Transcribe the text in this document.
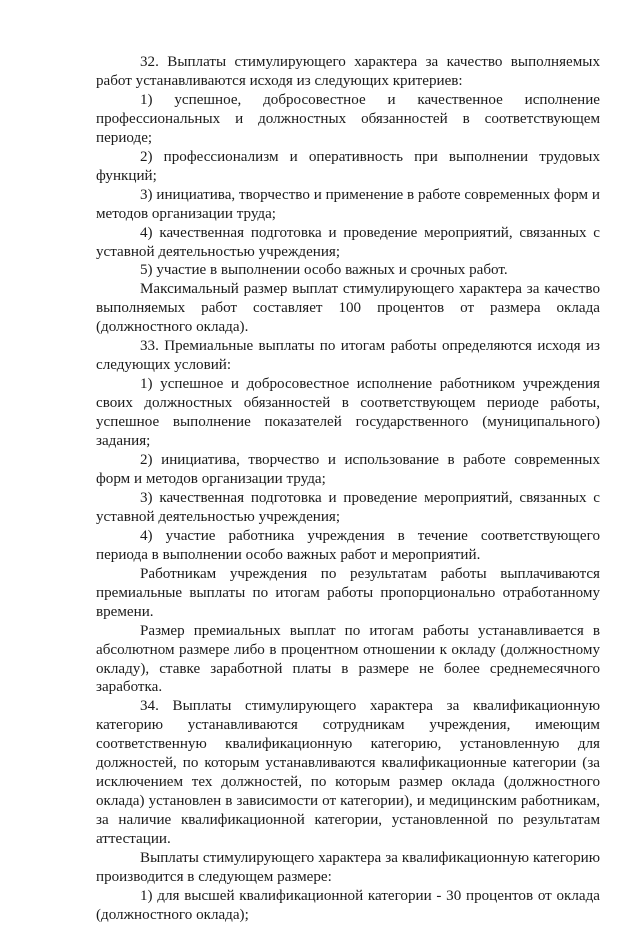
32. Выплаты стимулирующего характера за качество выполняемых работ устанавливаются исходя из следующих критериев:

1) успешное, добросовестное и качественное исполнение профессиональных и должностных обязанностей в соответствующем периоде;

2) профессионализм и оперативность при выполнении трудовых функций;

3) инициатива, творчество и применение в работе современных форм и методов организации труда;

4) качественная подготовка и проведение мероприятий, связанных с уставной деятельностью учреждения;

5) участие в выполнении особо важных и срочных работ.

Максимальный размер выплат стимулирующего характера за качество выполняемых работ составляет 100 процентов от размера оклада (должностного оклада).

33. Премиальные выплаты по итогам работы определяются исходя из следующих условий:

1) успешное и добросовестное исполнение работником учреждения своих должностных обязанностей в соответствующем периоде работы, успешное выполнение показателей государственного (муниципального) задания;

2) инициатива, творчество и использование в работе современных форм и методов организации труда;

3) качественная подготовка и проведение мероприятий, связанных с уставной деятельностью учреждения;

4) участие работника учреждения в течение соответствующего периода в выполнении особо важных работ и мероприятий.

Работникам учреждения по результатам работы выплачиваются премиальные выплаты по итогам работы пропорционально отработанному времени.

Размер премиальных выплат по итогам работы устанавливается в абсолютном размере либо в процентном отношении к окладу (должностному окладу), ставке заработной платы в размере не более среднемесячного заработка.

34. Выплаты стимулирующего характера за квалификационную категорию устанавливаются сотрудникам учреждения, имеющим соответственную квалификационную категорию, установленную для должностей, по которым устанавливаются квалификационные категории (за исключением тех должностей, по которым размер оклада (должностного оклада) установлен в зависимости от категории), и медицинским работникам, за наличие квалификационной категории, установленной по результатам аттестации.

Выплаты стимулирующего характера за квалификационную категорию производится в следующем размере:

1) для высшей квалификационной категории - 30 процентов от оклада (должностного оклада);
